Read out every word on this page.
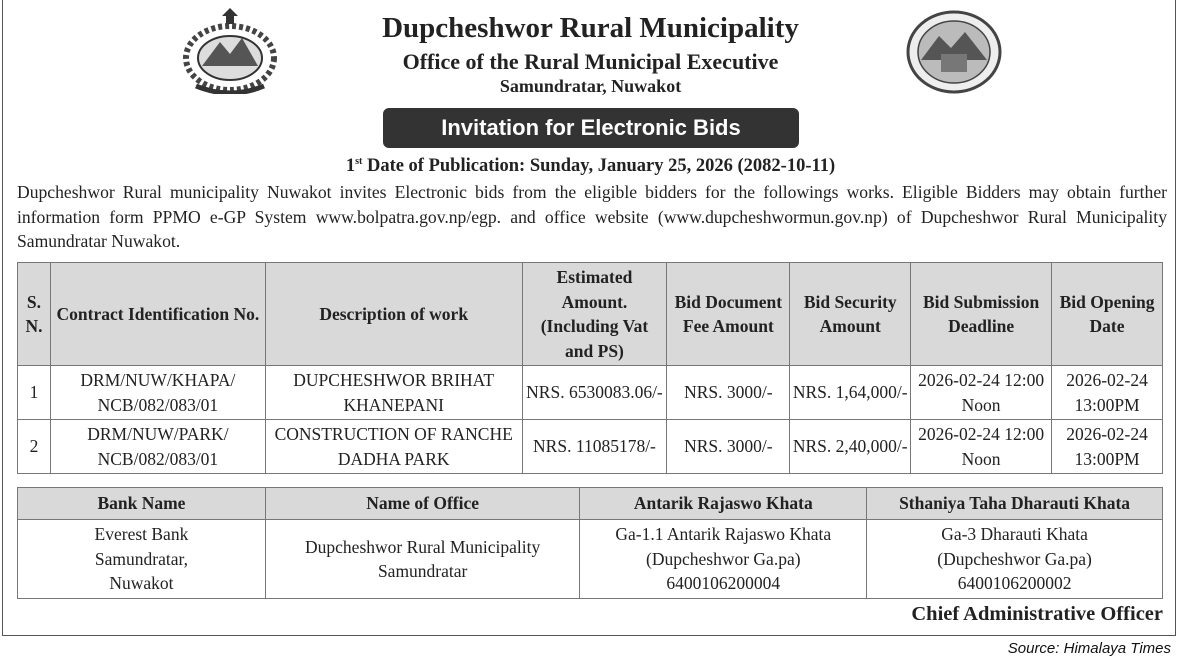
Dupcheshwor Rural Municipality
Office of the Rural Municipal Executive
Samundratar, Nuwakot
Invitation for Electronic Bids
1st Date of Publication: Sunday, January 25, 2026 (2082-10-11)
Dupcheshwor Rural municipality Nuwakot invites Electronic bids from the eligible bidders for the followings works. Eligible Bidders may obtain further information form PPMO e-GP System www.bolpatra.gov.np/egp. and office website (www.dupcheshwormun.gov.np) of Dupcheshwor Rural Municipality Samundratar Nuwakot.
S. N.	Contract Identification No.	Description of work	Estimated Amount. (Including Vat and PS)	Bid Document Fee Amount	Bid Security Amount	Bid Submission Deadline	Bid Opening Date
1	DRM/NUW/KHAPA/ NCB/082/083/01	DUPCHESHWOR BRIHAT KHANEPANI	NRS. 6530083.06/-	NRS. 3000/-	NRS. 1,64,000/-	2026-02-24 12:00 Noon	2026-02-24 13:00PM
2	DRM/NUW/PARK/ NCB/082/083/01	CONSTRUCTION OF RANCHE DADHA PARK	NRS. 11085178/-	NRS. 3000/-	NRS. 2,40,000/-	2026-02-24 12:00 Noon	2026-02-24 13:00PM
Bank Name	Name of Office	Antarik Rajaswo Khata	Sthaniya Taha Dharauti Khata
Everest Bank Samundratar, Nuwakot	Dupcheshwor Rural Municipality Samundratar	Ga-1.1 Antarik Rajaswo Khata (Dupcheshwor Ga.pa) 6400106200004	Ga-3 Dharauti Khata (Dupcheshwor Ga.pa) 6400106200002
Chief Administrative Officer
Source: Himalaya Times
